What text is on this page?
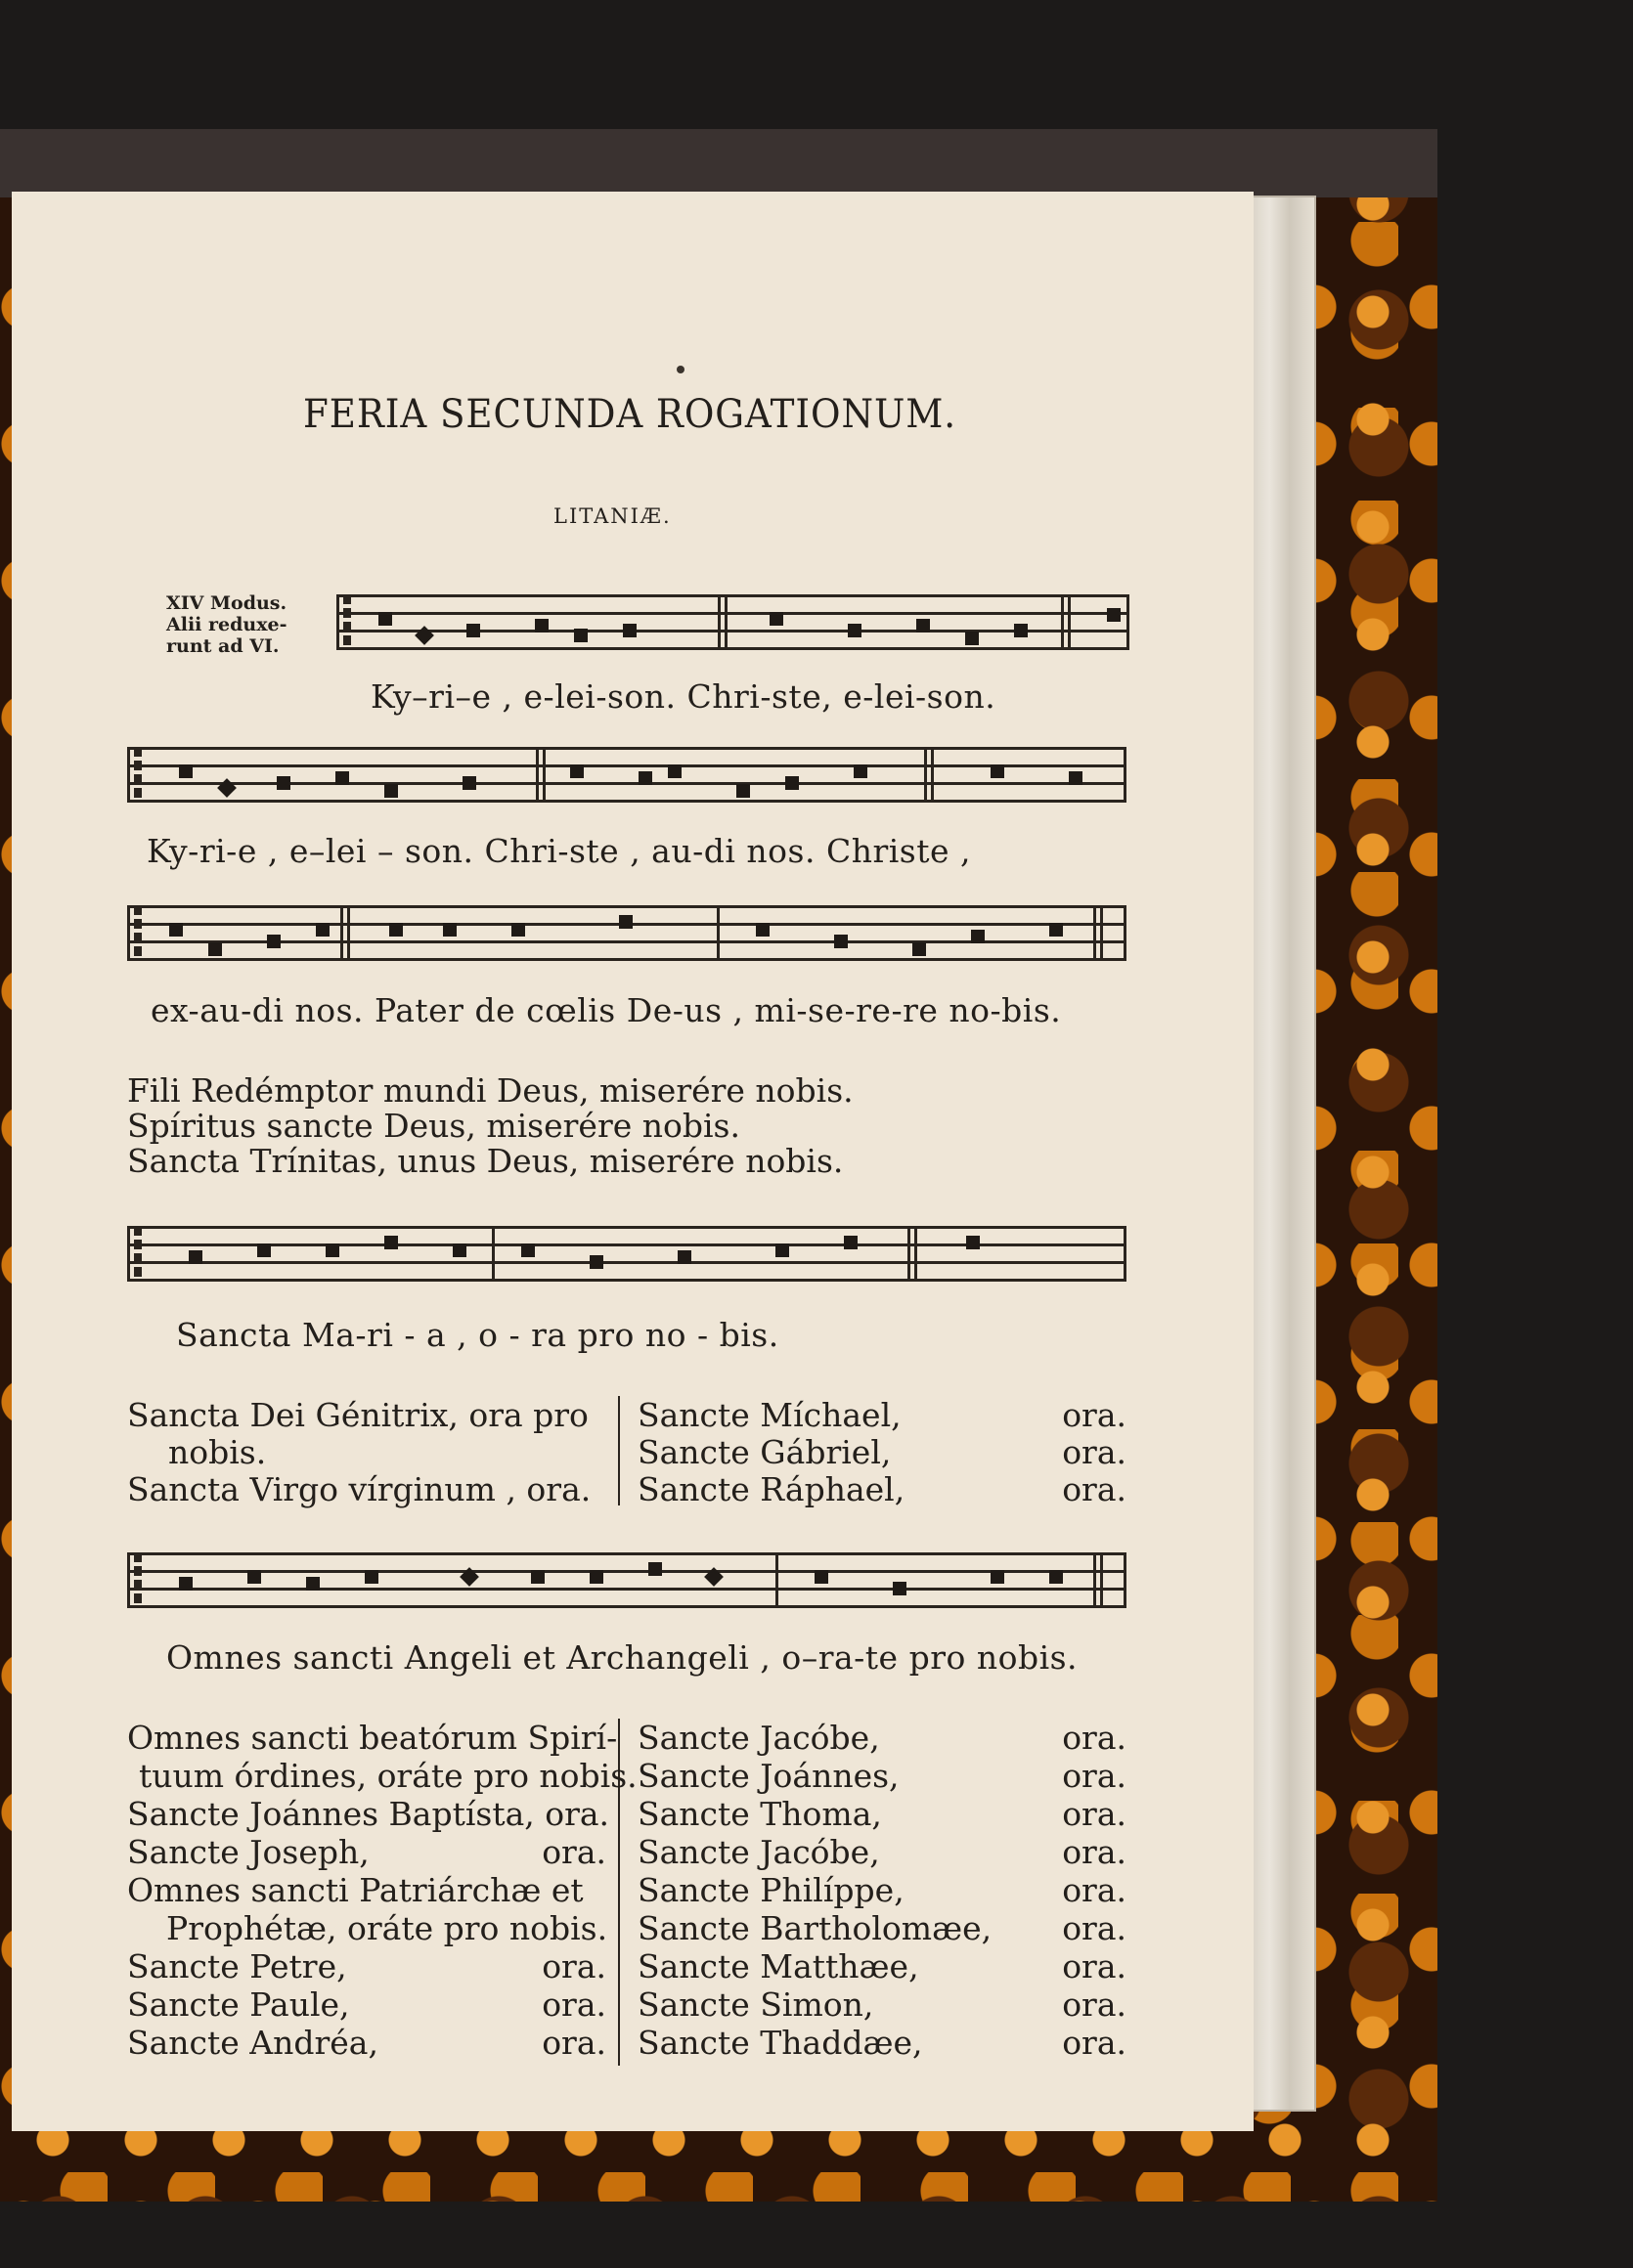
FERIA SECUNDA ROGATIONUM.
LITANIÆ.
XIV Modus.
Alii reduxe-
runt ad VI.
Ky–ri–e , e-lei-son. Chri-ste, e-lei-son.
Ky-ri-e , e–lei – son. Chri-ste , au-di nos. Christe ,
ex-au-di nos. Pater de cœlis De-us , mi-se-re-re no-bis.
Fili Redémptor mundi Deus, miserére nobis.
Spíritus sancte Deus, miserére nobis.
Sancta Trínitas, unus Deus, miserére nobis.
Sancta Ma-ri - a , o - ra pro no - bis.
Sancta Dei Génitrix, ora pro
nobis.
Sancta Virgo vírginum , ora.
Sancte Míchael,	ora.
Sancte Gábriel,	ora.
Sancte Ráphael,	ora.
Omnes sancti Angeli et Archangeli , o–ra-te pro nobis.
Omnes sancti beatórum Spirí-
tuum órdines, oráte pro nobis.
Sancte Joánnes Baptísta, ora.
Sancte Joseph,	ora.
Omnes sancti Patriárchæ et
Prophétæ, oráte pro nobis.
Sancte Petre,	ora.
Sancte Paule,	ora.
Sancte Andréa,	ora.
Sancte Jacóbe,	ora.
Sancte Joánnes,	ora.
Sancte Thoma,	ora.
Sancte Jacóbe,	ora.
Sancte Philíppe,	ora.
Sancte Bartholomæe, ora.
Sancte Matthæe,	ora.
Sancte Simon,	ora.
Sancte Thaddæe,	ora.
